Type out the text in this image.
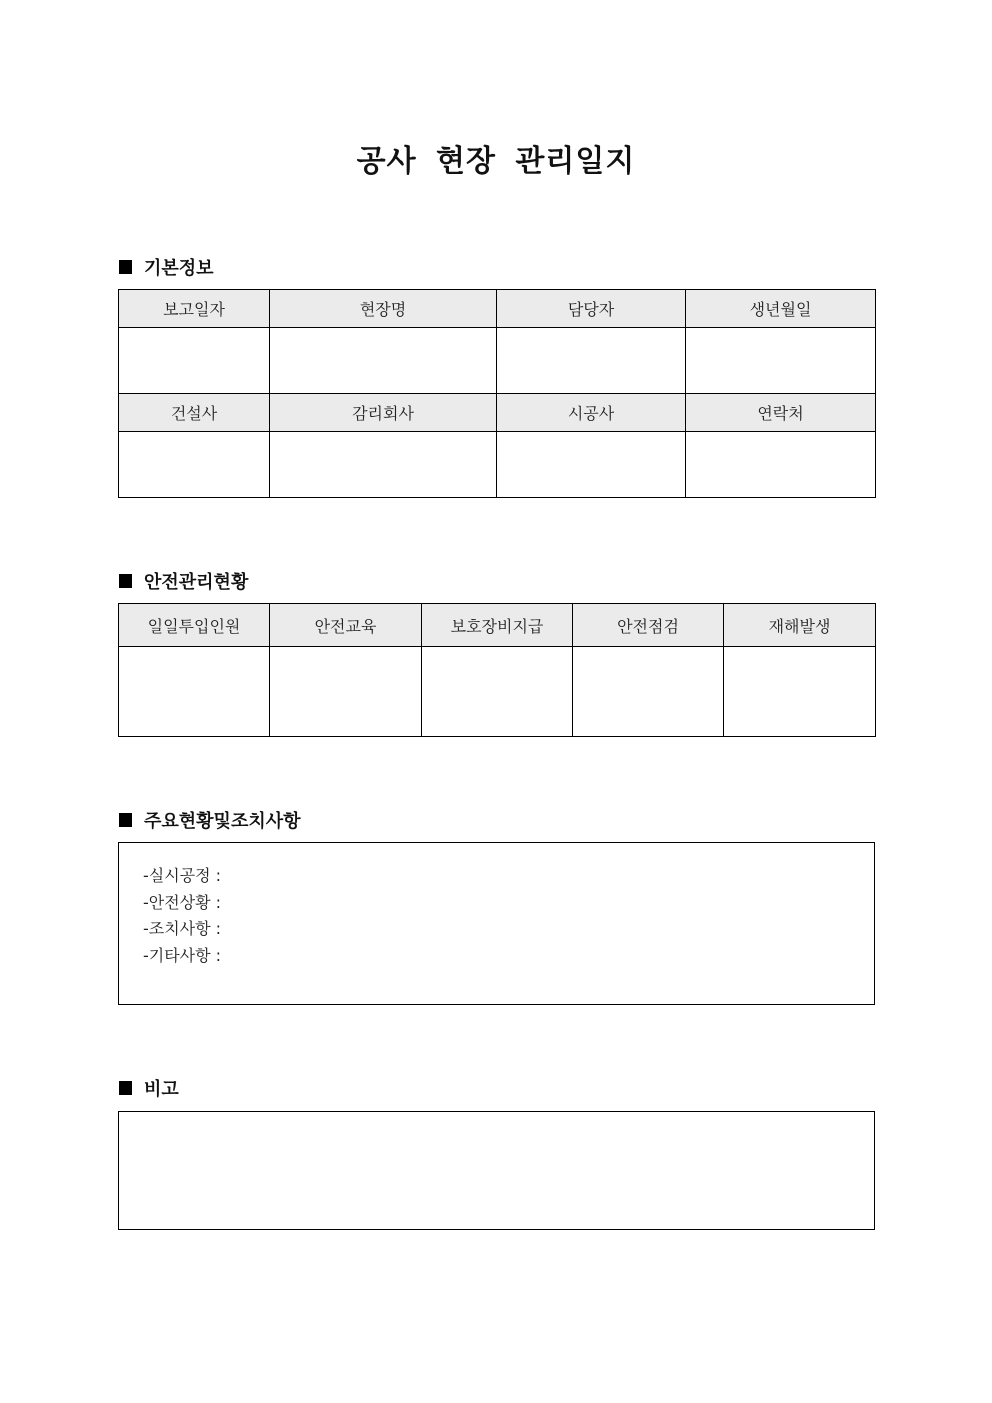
공사 현장 관리일지
기본정보
보고일자	현장명	담당자	생년월일

건설사	감리회사	시공사	연락처

안전관리현황
일일투입인원	안전교육	보호장비지급	안전점검	재해발생

주요현황및조치사항
-실시공정 :
-안전상황 :
-조치사항 :
-기타사항 :
비고
